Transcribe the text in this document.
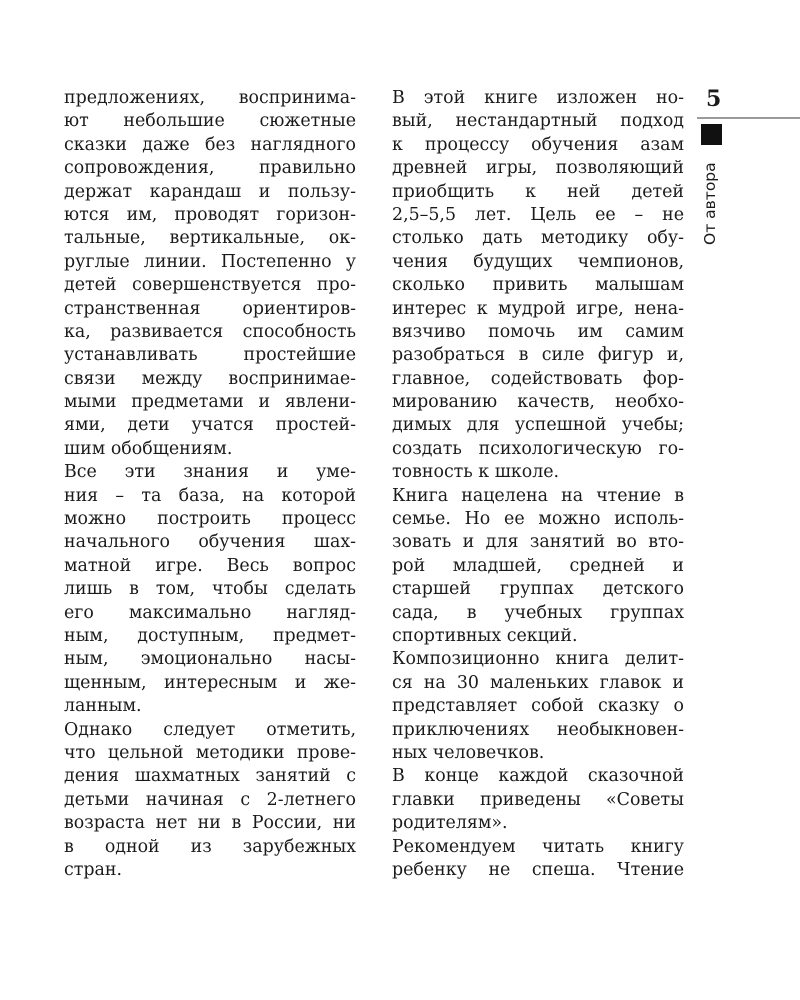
предложениях, воспринима-
ют небольшие сюжетные
сказки даже без наглядного
сопровождения, правильно
держат карандаш и пользу-
ются им, проводят горизон-
тальные, вертикальные, ок-
руглые линии. Постепенно у
детей совершенствуется про-
странственная ориентиров-
ка, развивается способность
устанавливать простейшие
связи между воспринимае-
мыми предметами и явлени-
ями, дети учатся простей-
шим обобщениям.
Все эти знания и уме-
ния – та база, на которой
можно построить процесс
начального обучения шах-
матной игре. Весь вопрос
лишь в том, чтобы сделать
его максимально нагляд-
ным, доступным, предмет-
ным, эмоционально насы-
щенным, интересным и же-
ланным.
Однако следует отметить,
что цельной методики прове-
дения шахматных занятий с
детьми начиная с 2-летнего
возраста нет ни в России, ни
в одной из зарубежных
стран.
В этой книге изложен но-
вый, нестандартный подход
к процессу обучения азам
древней игры, позволяющий
приобщить к ней детей
2,5–5,5 лет. Цель ее – не
столько дать методику обу-
чения будущих чемпионов,
сколько привить малышам
интерес к мудрой игре, нена-
вязчиво помочь им самим
разобраться в силе фигур и,
главное, содействовать фор-
мированию качеств, необхо-
димых для успешной учебы;
создать психологическую го-
товность к школе.
Книга нацелена на чтение в
семье. Но ее можно исполь-
зовать и для занятий во вто-
рой младшей, средней и
старшей группах детского
сада, в учебных группах
спортивных секций.
Композиционно книга делит-
ся на 30 маленьких главок и
представляет собой сказку о
приключениях необыкновен-
ных человечков.
В конце каждой сказочной
главки приведены «Советы
родителям».
Рекомендуем читать книгу
ребенку не спеша. Чтение
5
От автора
